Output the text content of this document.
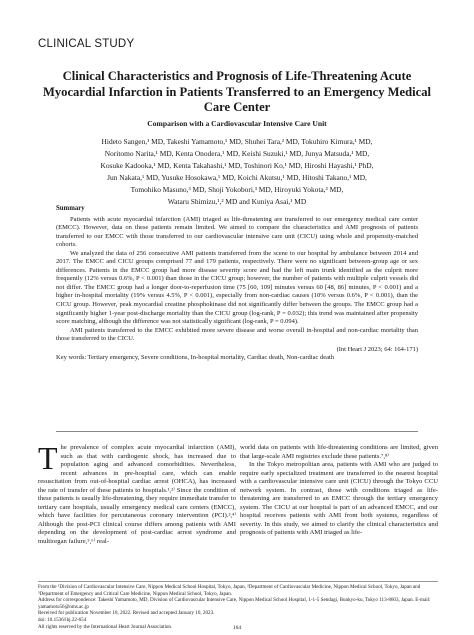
CLINICAL STUDY
Clinical Characteristics and Prognosis of Life-Threatening Acute Myocardial Infarction in Patients Transferred to an Emergency Medical Care Center
Comparison with a Cardiovascular Intensive Care Unit
Hideto Sangen,¹ MD, Takeshi Yamamoto,¹ MD, Shuhei Tara,² MD, Tokuhiro Kimura,¹ MD,
Noritomo Narita,¹ MD, Kenta Onodera,¹ MD, Keishi Suzuki,¹ MD, Junya Matsuda,¹ MD,
Kosuke Kadooka,¹ MD, Kenta Takahashi,¹ MD, Toshinori Ko,¹ MD, Hiroshi Hayashi,¹ PhD,
Jun Nakata,¹ MD, Yusuke Hosokawa,¹ MD, Koichi Akutsu,¹ MD, Hitoshi Takano,¹ MD,
Tomohiko Masuno,³ MD, Shoji Yokobori,³ MD, Hiroyuki Yokota,³ MD,
Wataru Shimizu,¹,² MD and Kuniya Asai,¹ MD
Summary

Patients with acute myocardial infarction (AMI) triaged as life-threatening are transferred to our emergency medical care center (EMCC). However, data on these patients remain limited. We aimed to compare the characteristics and AMI prognosis of patients transferred to our EMCC with those transferred to our cardiovascular intensive care unit (CICU) using whole and propensity-matched cohorts.

We analyzed the data of 256 consecutive AMI patients transferred from the scene to our hospital by ambulance between 2014 and 2017. The EMCC and CICU groups comprised 77 and 179 patients, respectively. There were no significant between-group age or sex differences. Patients in the EMCC group had more disease severity score and had the left main trunk identified as the culprit more frequently (12% versus 0.6%, P < 0.001) than those in the CICU group; however, the number of patients with multiple culprit vessels did not differ. The EMCC group had a longer door-to-reperfusion time (75 [60, 109] minutes versus 60 [48, 86] minutes, P < 0.001) and a higher in-hospital mortality (19% versus 4.5%, P < 0.001), especially from non-cardiac causes (10% versus 0.6%, P < 0.001), than the CICU group. However, peak myocardial creatine phosphokinase did not significantly differ between the groups. The EMCC group had a significantly higher 1-year post-discharge mortality than the CICU group (log-rank, P = 0.032); this trend was maintained after propensity score matching, although the difference was not statistically significant (log-rank, P = 0.094).

AMI patients transferred to the EMCC exhibited more severe disease and worse overall in-hospital and non-cardiac mortality than those transferred to the CICU.

(Int Heart J 2023; 64: 164-171)

Key words: Tertiary emergency, Severe conditions, In-hospital mortality, Cardiac death, Non-cardiac death

The prevalence of complex acute myocardial infarction (AMI), such as that with cardiogenic shock, has increased due to population aging and advanced comorbidities. Nevertheless, recent advances in pre-hospital care, which can enable resuscitation from out-of-hospital cardiac arrest (OHCA), has increased the rate of transfer of these patients to hospitals.¹,²⁾ Since the condition of these patients is usually life-threatening, they require immediate transfer to tertiary care hospitals, usually emergency medical care centers (EMCC), which have facilities for percutaneous coronary intervention (PCI).³,⁴⁾ Although the post-PCI clinical course differs among patients with AMI depending on the development of post-cardiac arrest syndrome and multiorgan failure,⁵,⁶⁾ real-

world data on patients with life-threatening conditions are limited, given that large-scale AMI registries exclude these patients.⁷,⁸⁾

In the Tokyo metropolitan area, patients with AMI who are judged to require early specialized treatment are transferred to the nearest hospital with a cardiovascular intensive care unit (CICU) through the Tokyo CCU network system. In contrast, those with conditions triaged as life-threatening are transferred to an EMCC through the tertiary emergency system. The CICU at our hospital is part of an advanced EMCC, and our hospital receives patients with AMI from both systems, regardless of severity. In this study, we aimed to clarify the clinical characteristics and prognosis of patients with AMI triaged as life-

From the ¹Division of Cardiovascular Intensive Care, Nippon Medical School Hospital, Tokyo, Japan, ²Department of Cardiovascular Medicine, Nippon Medical School, Tokyo, Japan and ³Department of Emergency and Critical Care Medicine, Nippon Medical School, Tokyo, Japan.
Address for correspondence: Takeshi Yamamoto, MD, Division of Cardiovascular Intensive Care, Nippon Medical School Hospital, 1-1-5 Sendagi, Bunkyo-ku, Tokyo 113-8603, Japan. E-mail: yamamoto56@nms.ac.jp
Received for publication November 18, 2022. Revised and accepted January 10, 2023.
doi: 10.1536/ihj.22-654
All rights reserved by the International Heart Journal Association.	164
